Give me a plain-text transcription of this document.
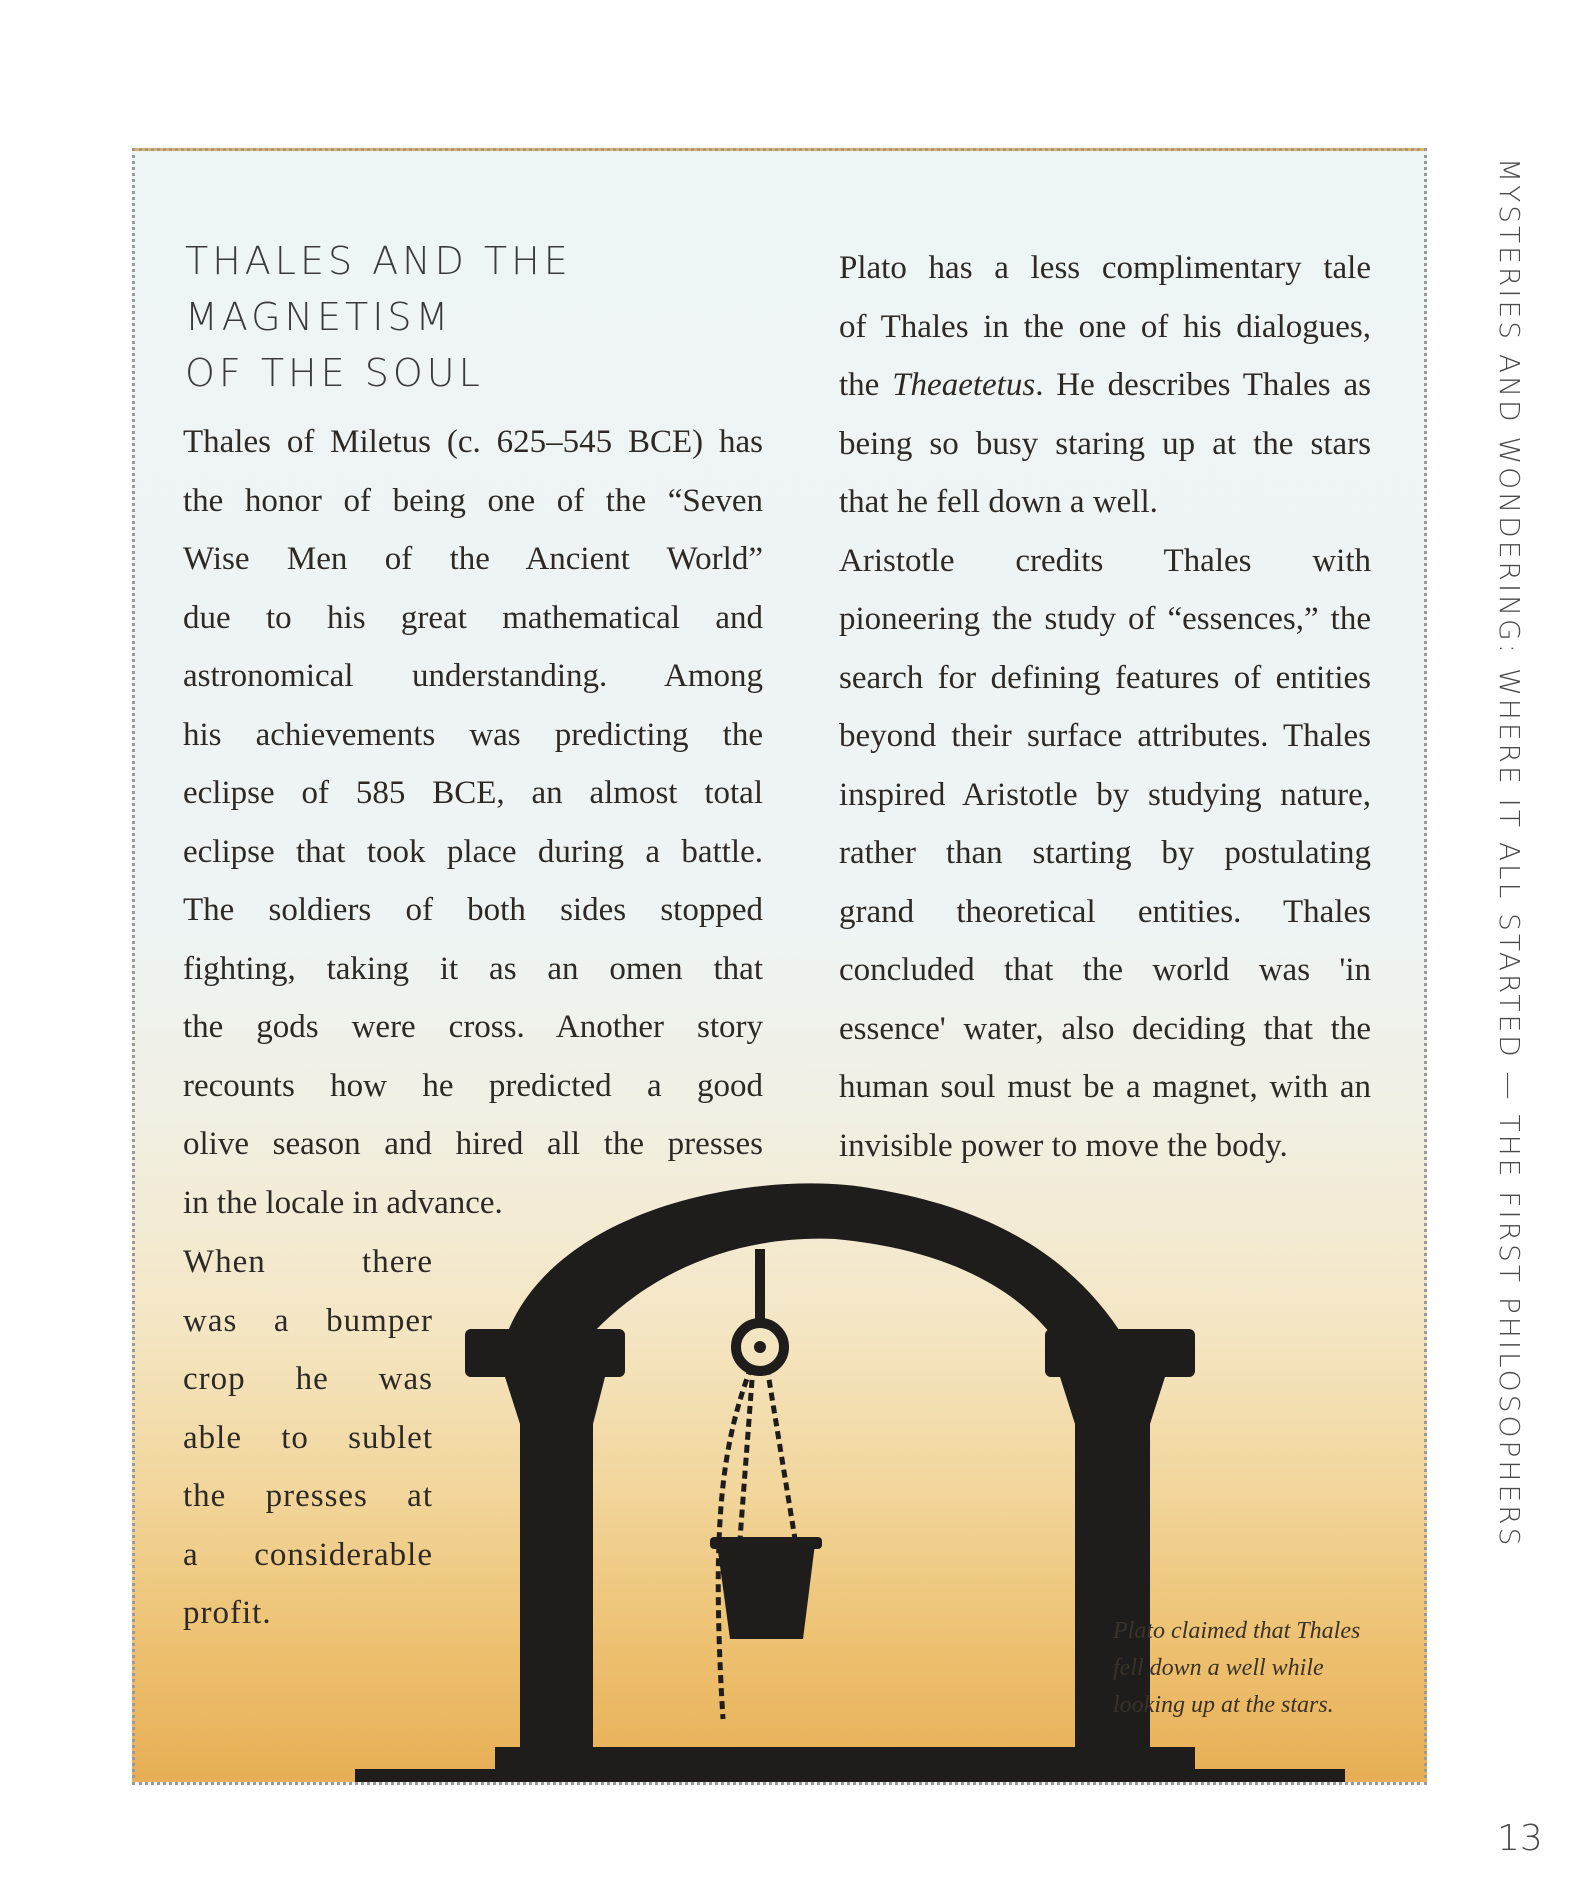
THALES AND THE
MAGNETISM
OF THE SOUL
Thales of Miletus (c. 625–545 BCE) has
the honor of being one of the “Seven
Wise Men of the Ancient World”
due to his great mathematical and
astronomical understanding. Among
his achievements was predicting the
eclipse of 585 BCE, an almost total
eclipse that took place during a battle.
The soldiers of both sides stopped
fighting, taking it as an omen that
the gods were cross. Another story
recounts how he predicted a good
olive season and hired all the presses
in the locale in advance.
When there
was a bumper
crop he was
able to sublet
the presses at
a considerable
profit.

Plato has a less complimentary tale
of Thales in the one of his dialogues,
the Theaetetus. He describes Thales as
being so busy staring up at the stars
that he fell down a well.

Aristotle credits Thales with
pioneering the study of “essences,” the
search for defining features of entities
beyond their surface attributes. Thales
inspired Aristotle by studying nature,
rather than starting by postulating
grand theoretical entities. Thales
concluded that the world was 'in
essence' water, also deciding that the
human soul must be a magnet, with an
invisible power to move the body.

Plato claimed that Thales
fell down a well while
looking up at the stars.
MYSTERIES AND WONDERING: WHERE IT ALL STARTED — THE FIRST PHILOSOPHERS
13
